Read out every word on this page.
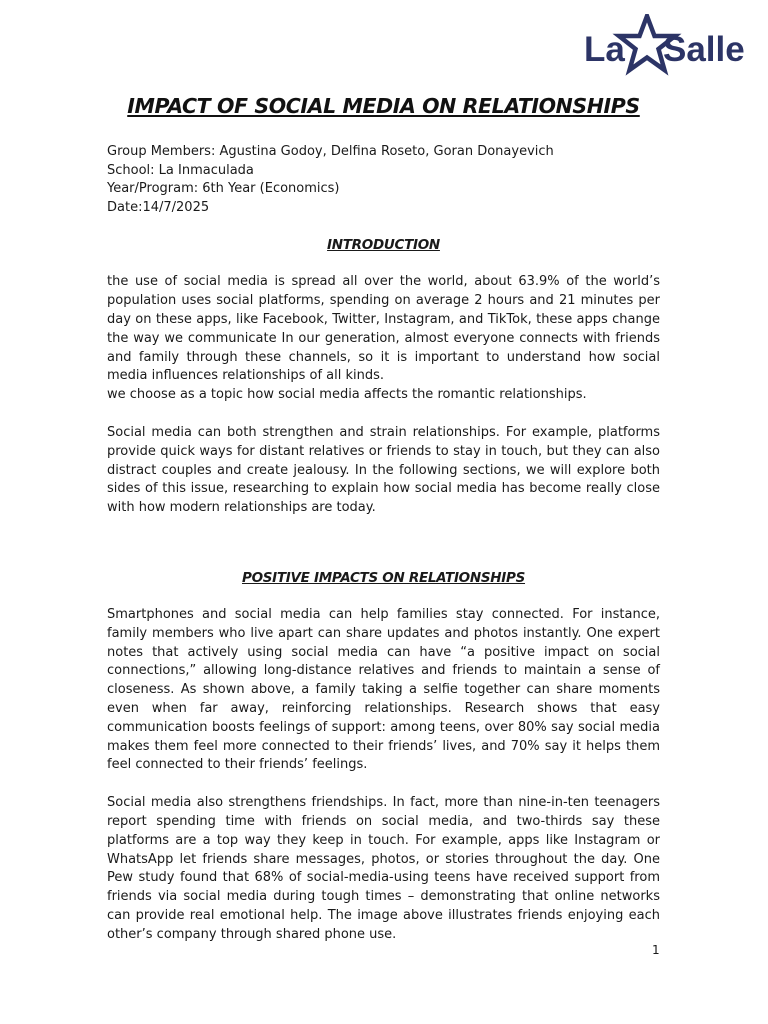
La Salle
IMPACT OF SOCIAL MEDIA ON RELATIONSHIPS
Group Members: Agustina Godoy, Delfina Roseto, Goran Donayevich
School: La Inmaculada
Year/Program: 6th Year (Economics)
Date:14/7/2025
INTRODUCTION

the use of social media is spread all over the world, about 63.9% of the world’s population uses social platforms, spending on average 2 hours and 21 minutes per day on these apps, like Facebook, Twitter, Instagram, and TikTok, these apps change the way we communicate In our generation, almost everyone connects with friends and family through these channels, so it is important to understand how social media influences relationships of all kinds.

we choose as a topic how social media affects the romantic relationships.

Social media can both strengthen and strain relationships. For example, platforms provide quick ways for distant relatives or friends to stay in touch, but they can also distract couples and create jealousy. In the following sections, we will explore both sides of this issue, researching to explain how social media has become really close with how modern relationships are today.

POSITIVE IMPACTS ON RELATIONSHIPS

Smartphones and social media can help families stay connected. For instance, family members who live apart can share updates and photos instantly. One expert notes that actively using social media can have “a positive impact on social connections,” allowing long-distance relatives and friends to maintain a sense of closeness. As shown above, a family taking a selfie together can share moments even when far away, reinforcing relationships. Research shows that easy communication boosts feelings of support: among teens, over 80% say social media makes them feel more connected to their friends’ lives, and 70% say it helps them feel connected to their friends’ feelings.

Social media also strengthens friendships. In fact, more than nine-in-ten teenagers report spending time with friends on social media, and two-thirds say these platforms are a top way they keep in touch. For example, apps like Instagram or WhatsApp let friends share messages, photos, or stories throughout the day. One Pew study found that 68% of social-media-using teens have received support from friends via social media during tough times – demonstrating that online networks can provide real emotional help. The image above illustrates friends enjoying each other’s company through shared phone use.

1
